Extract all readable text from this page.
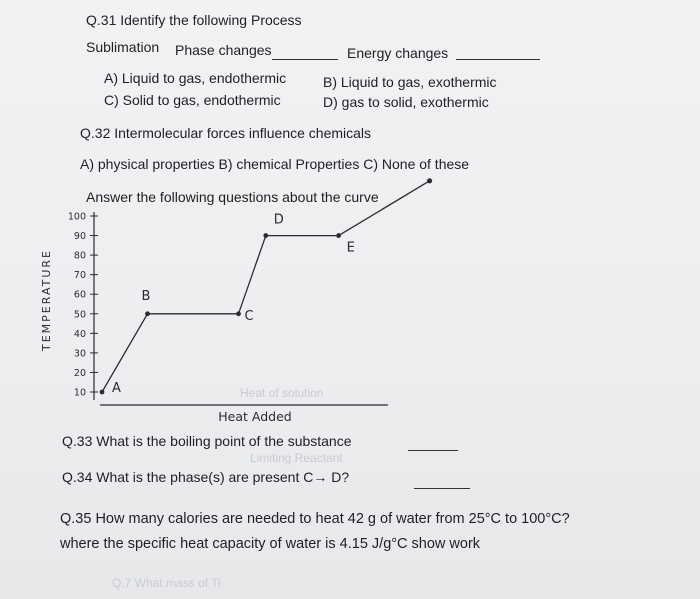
Q.31 Identify the following Process
Sublimation Phase changes	Energy changes
A) Liquid to gas, endothermic	B) Liquid to gas, exothermic
C) Solid to gas, endothermic	D) gas to solid, exothermic
Q.32 Intermolecular forces influence chemicals
A) physical properties B) chemical Properties C) None of these
Answer the following questions about the curve
100
90
80
70
60
50
40
30
20
10
TEMPERATURE
Heat Added
A
B
C
D
E
Q.33 What is the boiling point of the substance
Q.34 What is the phase(s) are present C→ D?
Q.35 How many calories are needed to heat 42 g of water from 25°C to 100°C?
where the specific heat capacity of water is 4.15 J/g°C show work
Heat of solution
Limiting Reactant
Q.7 What mass of Ti
